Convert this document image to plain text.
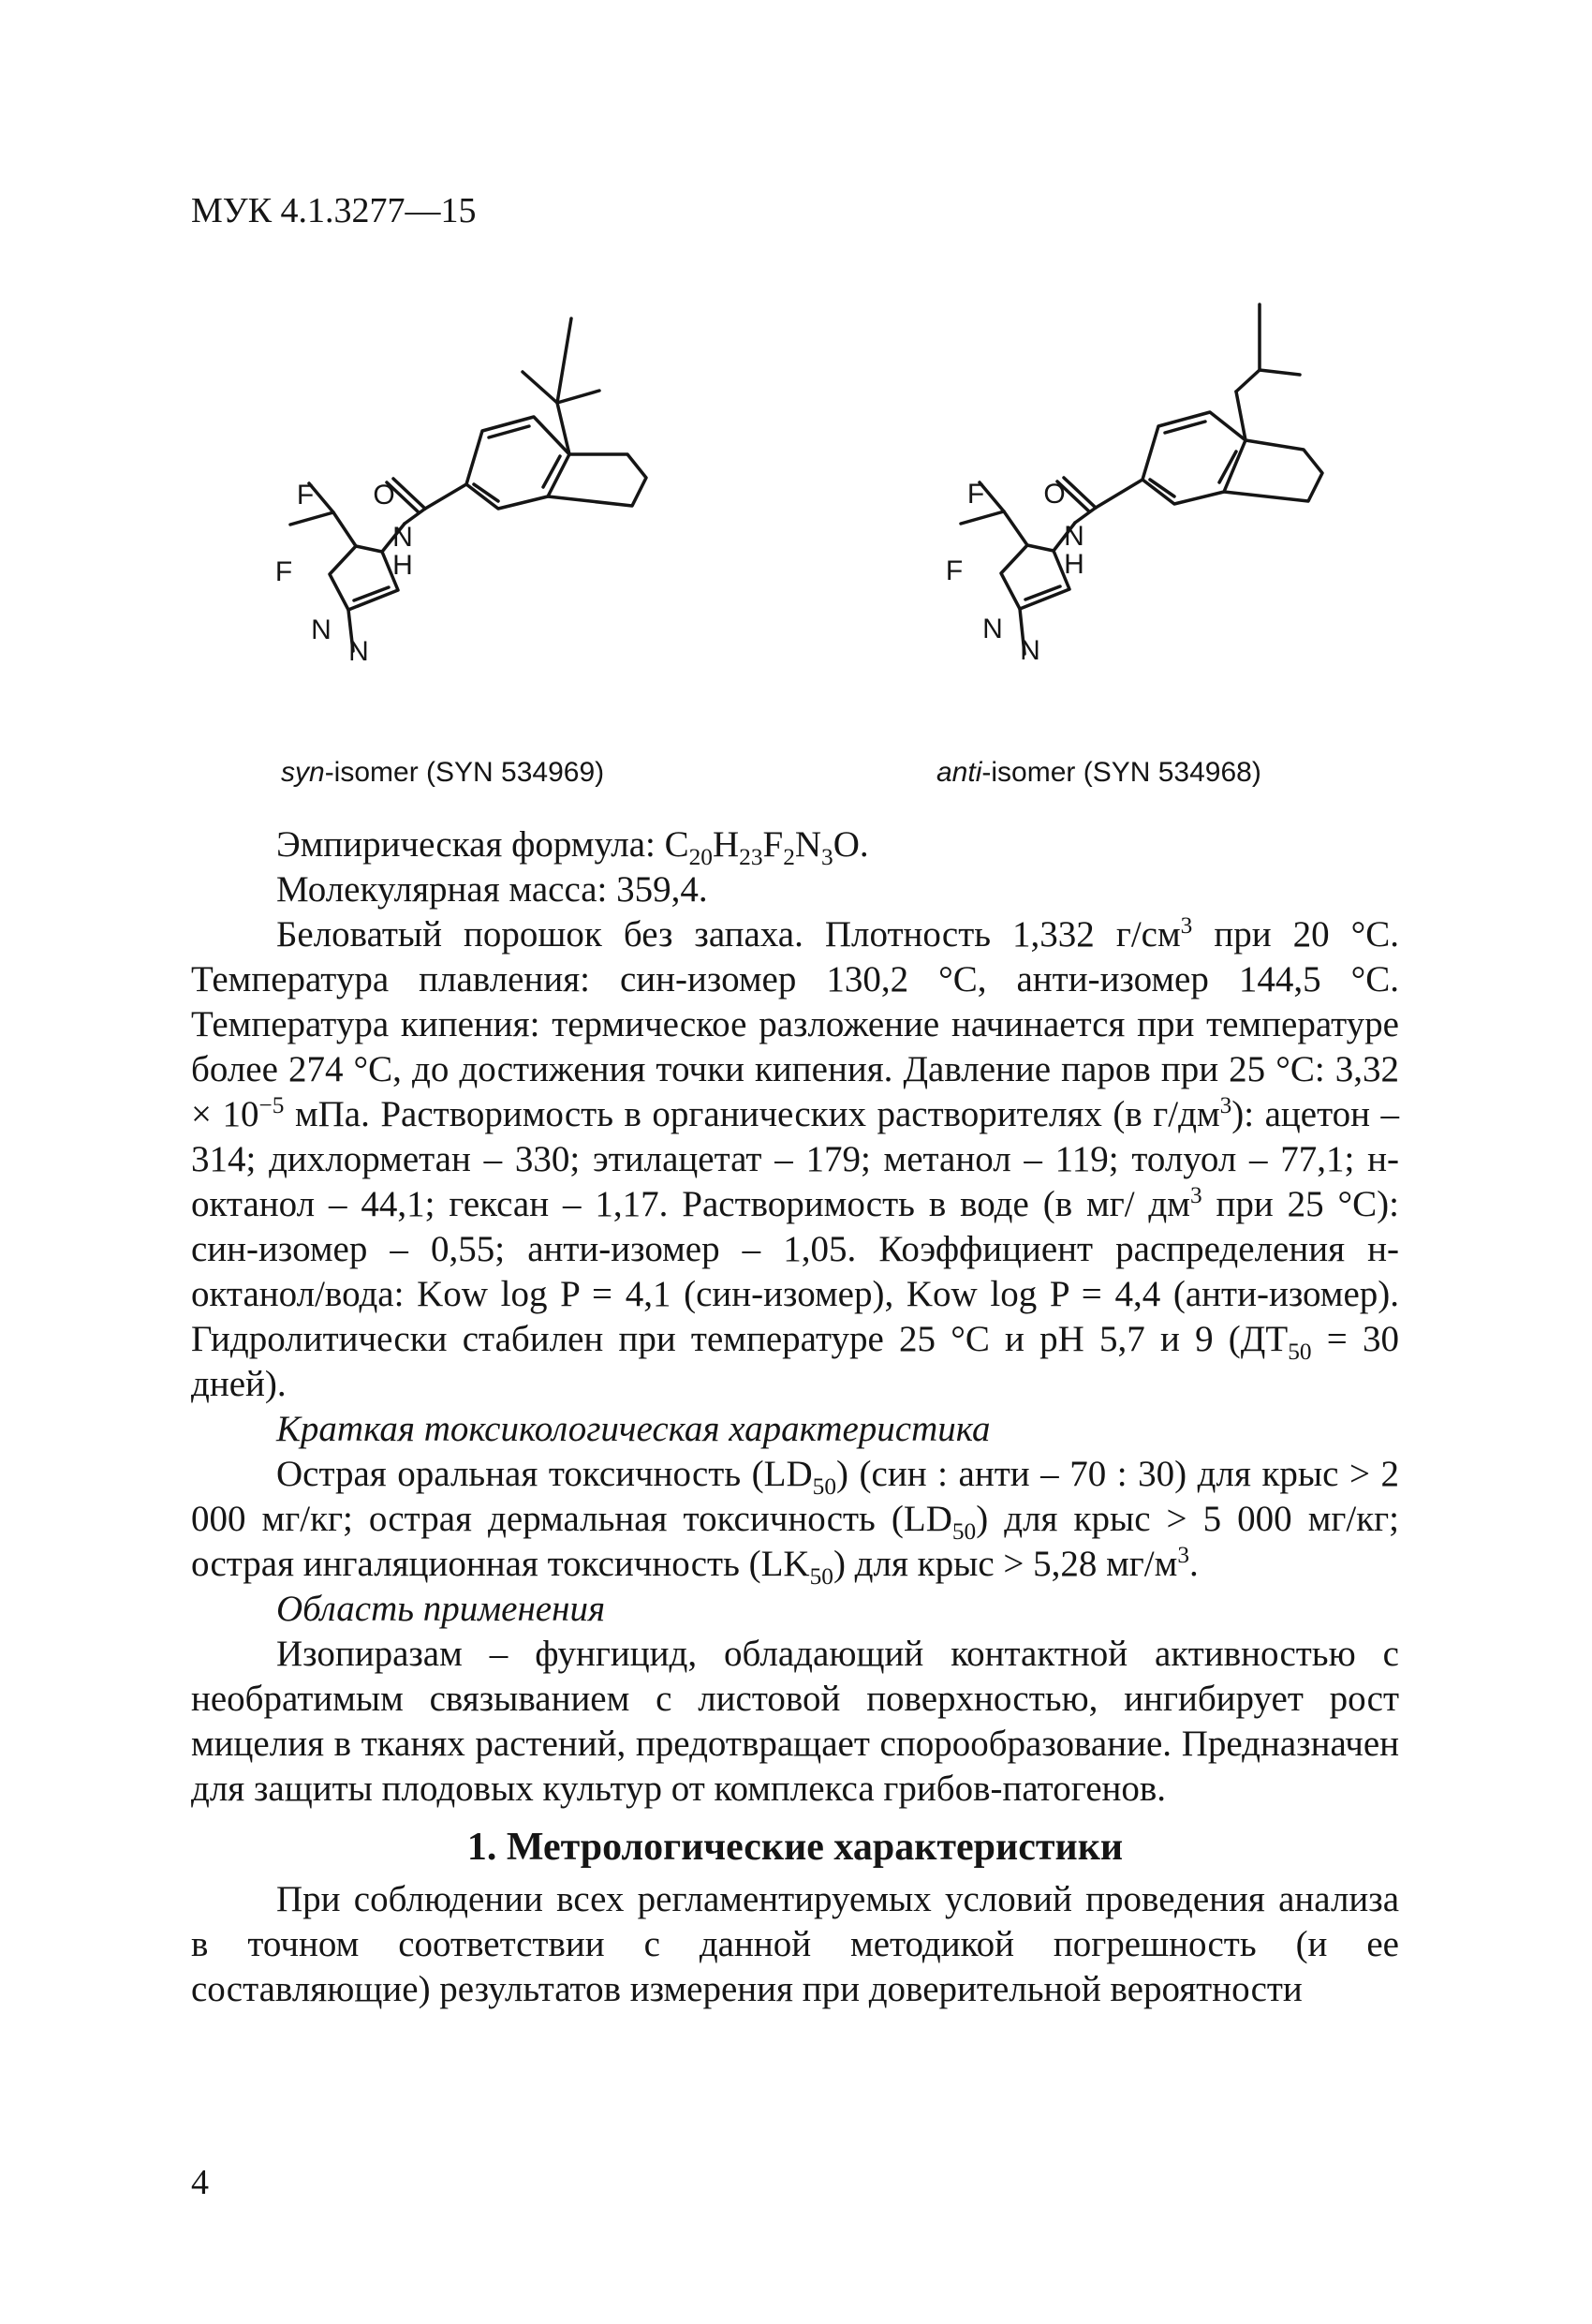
МУК 4.1.3277—15
F
F
O
N
H
N
N
F
F
O
N
H
N
N
syn-isomer (SYN 534969)	anti-isomer (SYN 534968)

Эмпирическая формула: $C_{20}H_{23}F_2N_3O$.

Молекулярная масса: 359,4.

Беловатый порошок без запаха. Плотность 1,332 $г/см^3$ при 20 °С. Температура плавления: син-изомер 130,2 °С, анти-изомер 144,5 °С. Температура кипения: термическое разложение начинается при температуре более 274 °С, до достижения точки кипения. Давление паров при 25 °С: $3,32 \times 10^{-5}$ мПа. Растворимость в органических растворителях (в $г/дм^3$): ацетон – 314; дихлорметан – 330; этилацетат – 179; метанол – 119; толуол – 77,1; н-октанол – 44,1; гексан – 1,17. Растворимость в воде (в мг/ $дм^3$ при 25 °С): син-изомер – 0,55; анти-изомер – 1,05. Коэффициент распределения н-октанол/вода: Kow log P = 4,1 (син-изомер), Kow log P = 4,4 (анти-изомер). Гидролитически стабилен при температуре 25 °С и pH 5,7 и 9 ($ДТ_{50} = 30$ дней).

Краткая токсикологическая характеристика

Острая оральная токсичность $(LD_{50})$ (син : анти – 70 : 30) для крыс > 2 000 мг/кг; острая дермальная токсичность $(LD_{50})$ для крыс > 5 000 мг/кг; острая ингаляционная токсичность $(LK_{50})$ для крыс > 5,28 $мг/м^3$.

Область применения

Изопиразам – фунгицид, обладающий контактной активностью с необратимым связыванием с листовой поверхностью, ингибирует рост мицелия в тканях растений, предотвращает спорообразование. Предназначен для защиты плодовых культур от комплекса грибов-патогенов.

1. Метрологические характеристики

При соблюдении всех регламентируемых условий проведения анализа в точном соответствии с данной методикой погрешность (и ее составляющие) результатов измерения при доверительной вероятности

4
